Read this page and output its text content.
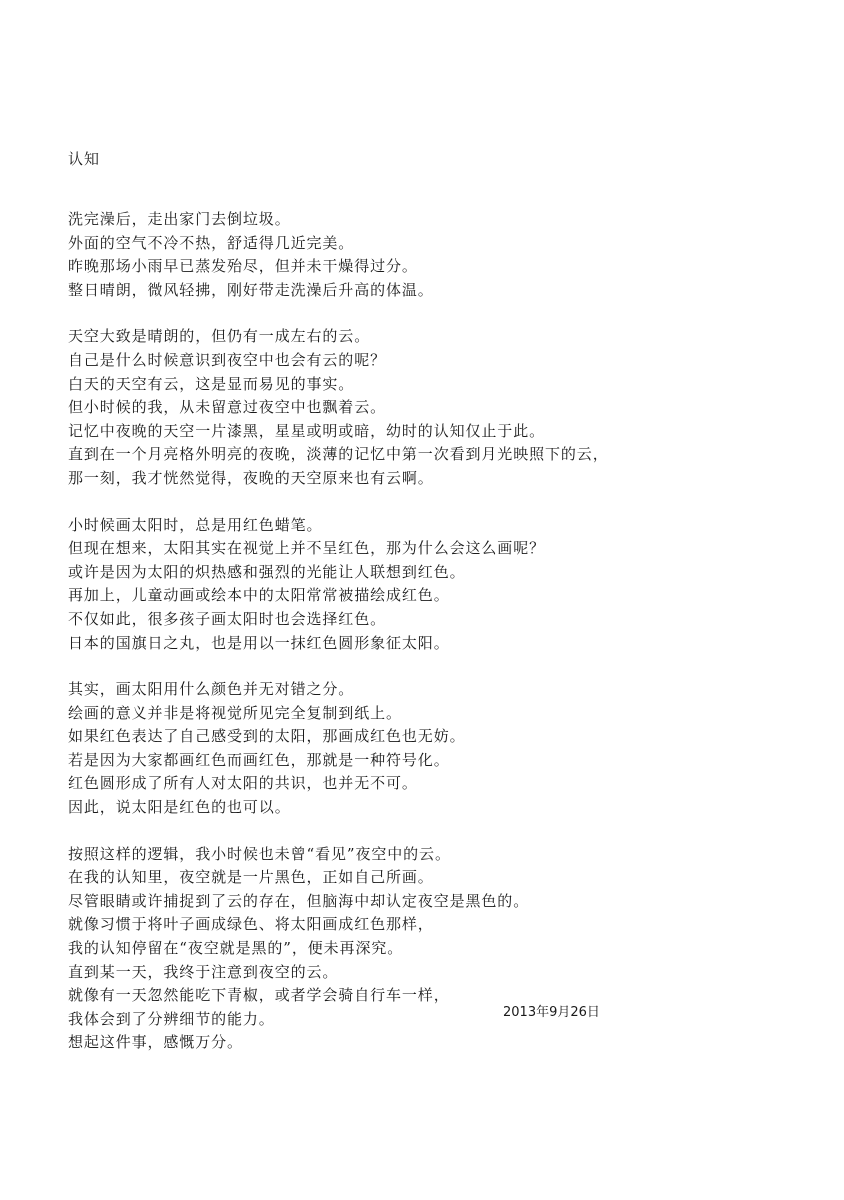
认知
洗完澡后，走出家门去倒垃圾。
外面的空气不冷不热，舒适得几近完美。
昨晚那场小雨早已蒸发殆尽，但并未干燥得过分。
整日晴朗，微风轻拂，刚好带走洗澡后升高的体温。
天空大致是晴朗的，但仍有一成左右的云。
自己是什么时候意识到夜空中也会有云的呢？
白天的天空有云，这是显而易见的事实。
但小时候的我，从未留意过夜空中也飘着云。
记忆中夜晚的天空一片漆黑，星星或明或暗，幼时的认知仅止于此。
直到在一个月亮格外明亮的夜晚，淡薄的记忆中第一次看到月光映照下的云，
那一刻，我才恍然觉得，夜晚的天空原来也有云啊。
小时候画太阳时，总是用红色蜡笔。
但现在想来，太阳其实在视觉上并不呈红色，那为什么会这么画呢？
或许是因为太阳的炽热感和强烈的光能让人联想到红色。
再加上，儿童动画或绘本中的太阳常常被描绘成红色。
不仅如此，很多孩子画太阳时也会选择红色。
日本的国旗日之丸，也是用以一抹红色圆形象征太阳。
其实，画太阳用什么颜色并无对错之分。
绘画的意义并非是将视觉所见完全复制到纸上。
如果红色表达了自己感受到的太阳，那画成红色也无妨。
若是因为大家都画红色而画红色，那就是一种符号化。
红色圆形成了所有人对太阳的共识，也并无不可。
因此，说太阳是红色的也可以。
按照这样的逻辑，我小时候也未曾“看见”夜空中的云。
在我的认知里，夜空就是一片黑色，正如自己所画。
尽管眼睛或许捕捉到了云的存在，但脑海中却认定夜空是黑色的。
就像习惯于将叶子画成绿色、将太阳画成红色那样，
我的认知停留在“夜空就是黑的”，便未再深究。
直到某一天，我终于注意到夜空的云。
就像有一天忽然能吃下青椒，或者学会骑自行车一样，
我体会到了分辨细节的能力。
想起这件事，感慨万分。
2013年9月26日
